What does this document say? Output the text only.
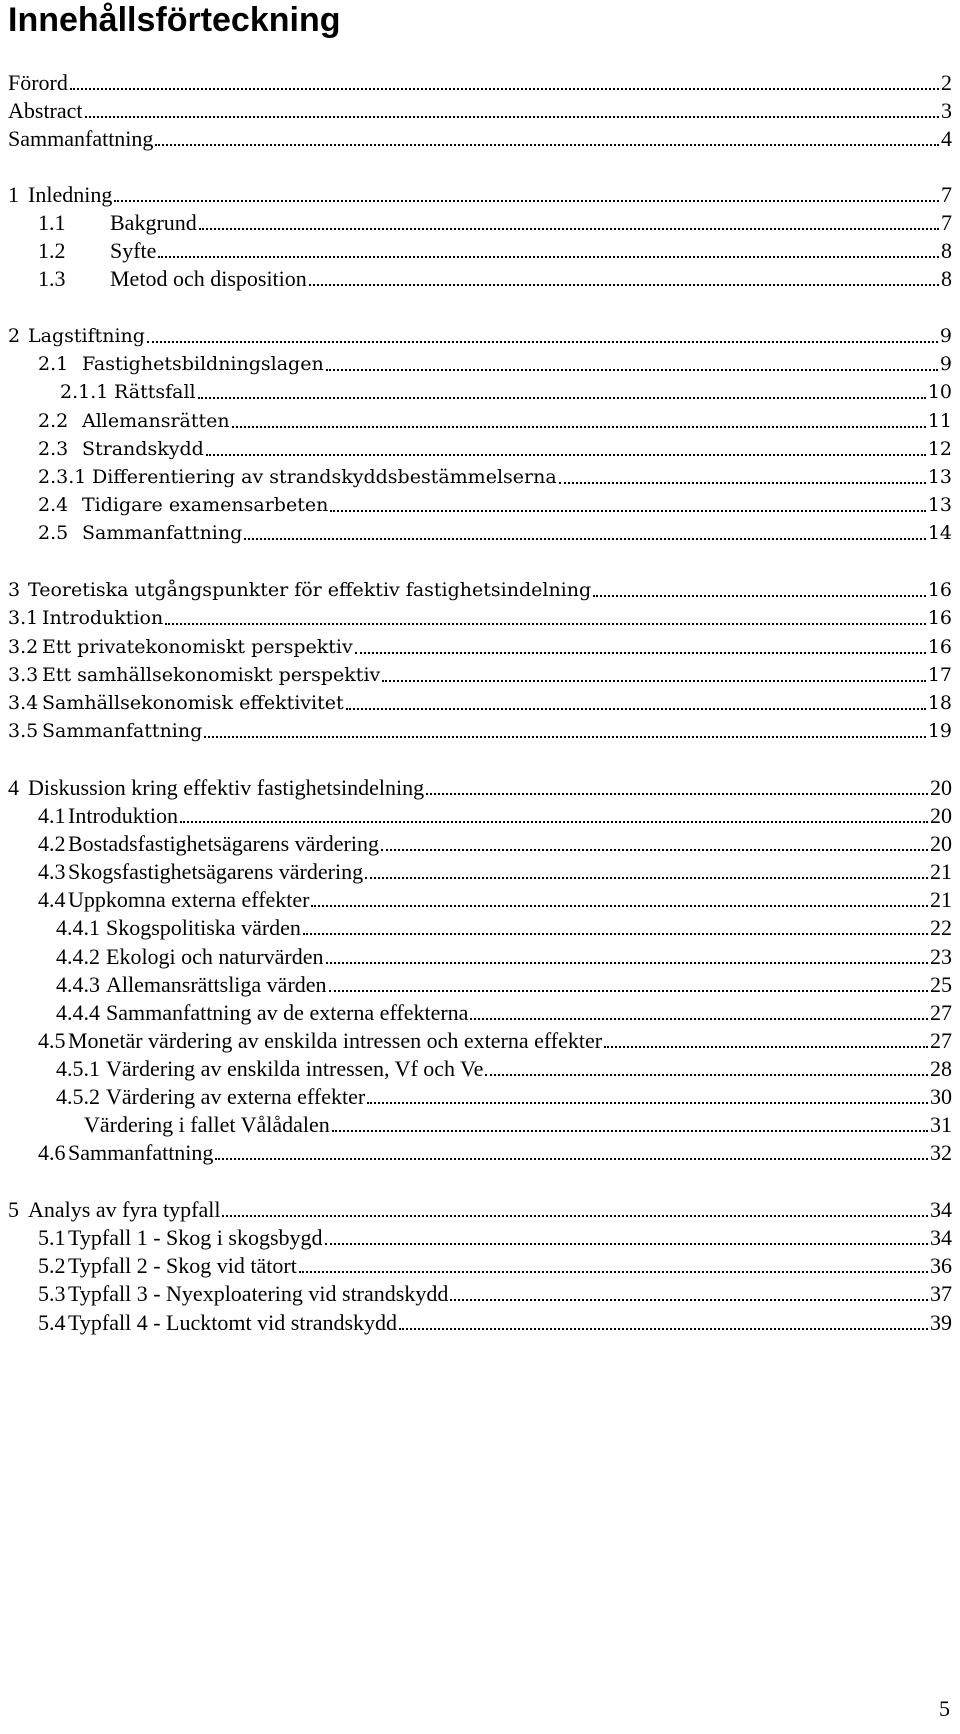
Innehållsförteckning
Förord	2
Abstract	3
Sammanfattning	4
1 Inledning	7
1.1 Bakgrund	7
1.2 Syfte	8
1.3 Metod och disposition	8
2 Lagstiftning	9
2.1 Fastighetsbildningslagen	9
2.1.1 Rättsfall	10
2.2 Allemansrätten	11
2.3 Strandskydd	12
2.3.1 Differentiering av strandskyddsbestämmelserna	13
2.4 Tidigare examensarbeten	13
2.5 Sammanfattning	14
3 Teoretiska utgångspunkter för effektiv fastighetsindelning	16
3.1 Introduktion	16
3.2 Ett privatekonomiskt perspektiv	16
3.3 Ett samhällsekonomiskt perspektiv	17
3.4 Samhällsekonomisk effektivitet	18
3.5 Sammanfattning	19
4 Diskussion kring effektiv fastighetsindelning	20
4.1 Introduktion	20
4.2 Bostadsfastighetsägarens värdering	20
4.3 Skogsfastighetsägarens värdering	21
4.4 Uppkomna externa effekter	21
4.4.1 Skogspolitiska värden	22
4.4.2 Ekologi och naturvärden	23
4.4.3 Allemansrättsliga värden	25
4.4.4 Sammanfattning av de externa effekterna	27
4.5 Monetär värdering av enskilda intressen och externa effekter	27
4.5.1 Värdering av enskilda intressen, Vf och Ve	28
4.5.2 Värdering av externa effekter	30
Värdering i fallet Vålådalen	31
4.6 Sammanfattning	32
5 Analys av fyra typfall	34
5.1 Typfall 1 - Skog i skogsbygd	34
5.2 Typfall 2 - Skog vid tätort	36
5.3 Typfall 3 - Nyexploatering vid strandskydd	37
5.4 Typfall 4 - Lucktomt vid strandskydd	39
5
